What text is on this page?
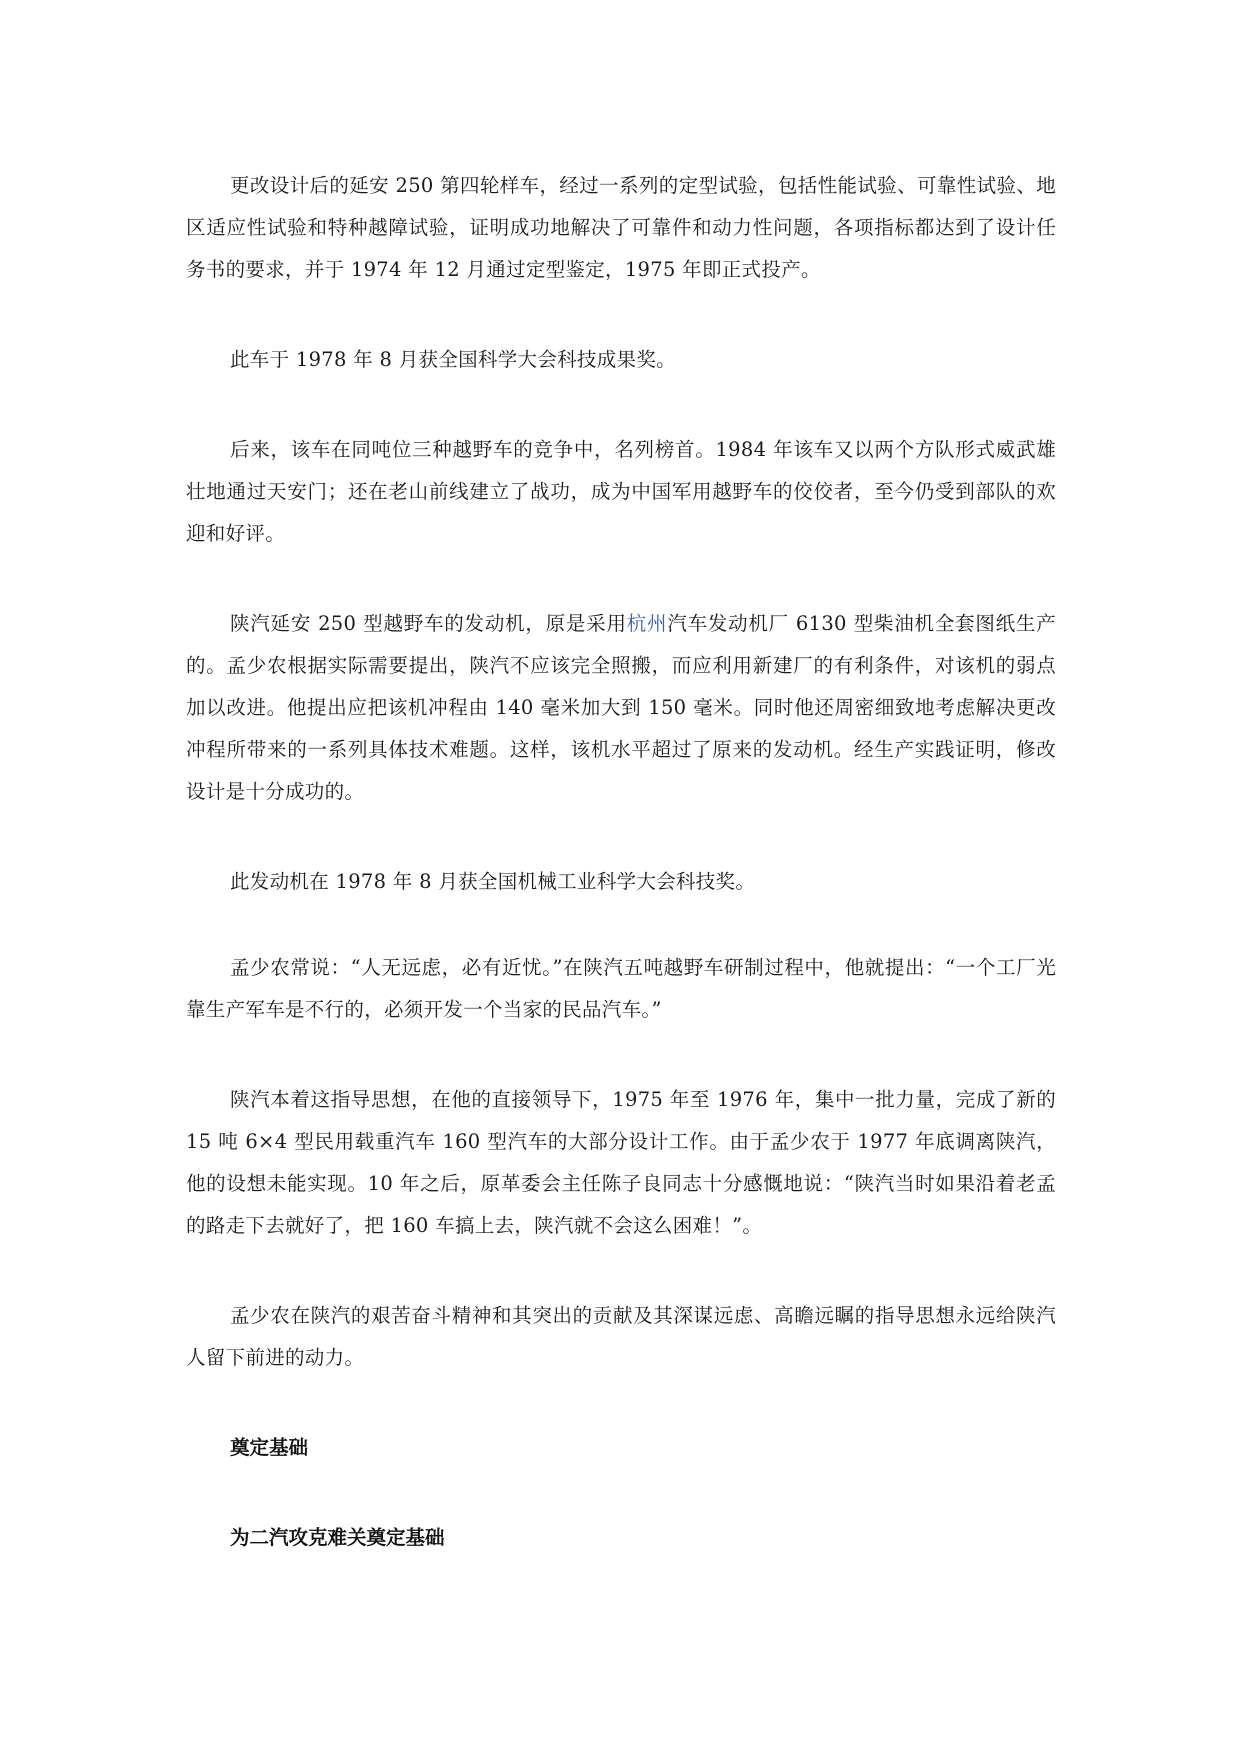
更改设计后的延安 250 第四轮样车，经过一系列的定型试验，包括性能试验、可靠性试验、地区适应性试验和特种越障试验，证明成功地解决了可靠件和动力性问题，各项指标都达到了设计任务书的要求，并于 1974 年 12 月通过定型鉴定，1975 年即正式投产。

此车于 1978 年 8 月获全国科学大会科技成果奖。

后来，该车在同吨位三种越野车的竞争中，名列榜首。1984 年该车又以两个方队形式威武雄壮地通过天安门；还在老山前线建立了战功，成为中国军用越野车的佼佼者，至今仍受到部队的欢迎和好评。

陕汽延安 250 型越野车的发动机，原是采用杭州汽车发动机厂 6130 型柴油机全套图纸生产的。孟少农根据实际需要提出，陕汽不应该完全照搬，而应利用新建厂的有利条件，对该机的弱点加以改进。他提出应把该机冲程由 140 毫米加大到 150 毫米。同时他还周密细致地考虑解决更改冲程所带来的一系列具体技术难题。这样，该机水平超过了原来的发动机。经生产实践证明，修改设计是十分成功的。

此发动机在 1978 年 8 月获全国机械工业科学大会科技奖。

孟少农常说：“人无远虑，必有近忧。”在陕汽五吨越野车研制过程中，他就提出：“一个工厂光靠生产军车是不行的，必须开发一个当家的民品汽车。”

陕汽本着这指导思想，在他的直接领导下，1975 年至 1976 年，集中一批力量，完成了新的 15 吨 6×4 型民用载重汽车 160 型汽车的大部分设计工作。由于孟少农于 1977 年底调离陕汽，他的设想未能实现。10 年之后，原革委会主任陈子良同志十分感慨地说：“陕汽当时如果沿着老孟的路走下去就好了，把 160 车搞上去，陕汽就不会这么困难！”。

孟少农在陕汽的艰苦奋斗精神和其突出的贡献及其深谋远虑、高瞻远瞩的指导思想永远给陕汽人留下前进的动力。

奠定基础

为二汽攻克难关奠定基础
